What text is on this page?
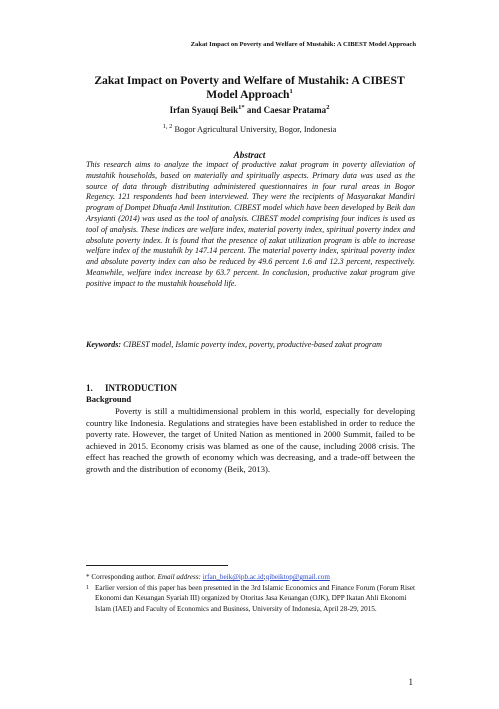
Zakat Impact on Poverty and Welfare of Mustahik: A CIBEST Model Approach
Zakat Impact on Poverty and Welfare of Mustahik: A CIBEST
Model Approach$^1$
Irfan Syauqi Beik$^{1*}$ and Caesar Pratama$^2$
$^{1, 2}$ Bogor Agricultural University, Bogor, Indonesia
Abstract
This research aims to analyze the impact of productive zakat program in poverty alleviation of mustahik households, based on materially and spiritually aspects. Primary data was used as the source of data through distributing administered questionnaires in four rural areas in Bogor Regency. 121 respondents had been interviewed. They were the recipients of Masyarakat Mandiri program of Dompet Dhuafa Amil Institution. CIBEST model which have been developed by Beik dan Arsyianti (2014) was used as the tool of analysis. CIBEST model comprising four indices is used as tool of analysis. These indices are welfare index, material poverty index, spiritual poverty index and absolute poverty index. It is found that the presence of zakat utilization program is able to increase welfare index of the mustahik by 147.14 percent. The material poverty index, spiritual poverty index and absolute poverty index can also be reduced by 49.6 percent 1.6 and 12.3 percent, respectively. Meanwhile, welfare index increase by 63.7 percent. In conclusion, productive zakat program give positive impact to the mustahik household life.
Keywords: CIBEST model, Islamic poverty index, poverty, productive-based zakat program
1. INTRODUCTION
Background
Poverty is still a multidimensional problem in this world, especially for developing country like Indonesia. Regulations and strategies have been established in order to reduce the poverty rate. However, the target of United Nation as mentioned in 2000 Summit, failed to be achieved in 2015. Economy crisis was blamed as one of the cause, including 2008 crisis. The effect has reached the growth of economy which was decreasing, and a trade-off between the growth and the distribution of economy (Beik, 2013).
* Corresponding author. Email address: irfan_beik@ipb.ac.id;qibeiktop@gmail.com
1 Earlier version of this paper has been presented in the 3rd Islamic Economics and Finance Forum (Forum Riset Ekonomi dan Keuangan Syariah III) organized by Otoritas Jasa Keuangan (OJK), DPP Ikatan Ahli Ekonomi Islam (IAEI) and Faculty of Economics and Business, University of Indonesia, April 28-29, 2015.
1
